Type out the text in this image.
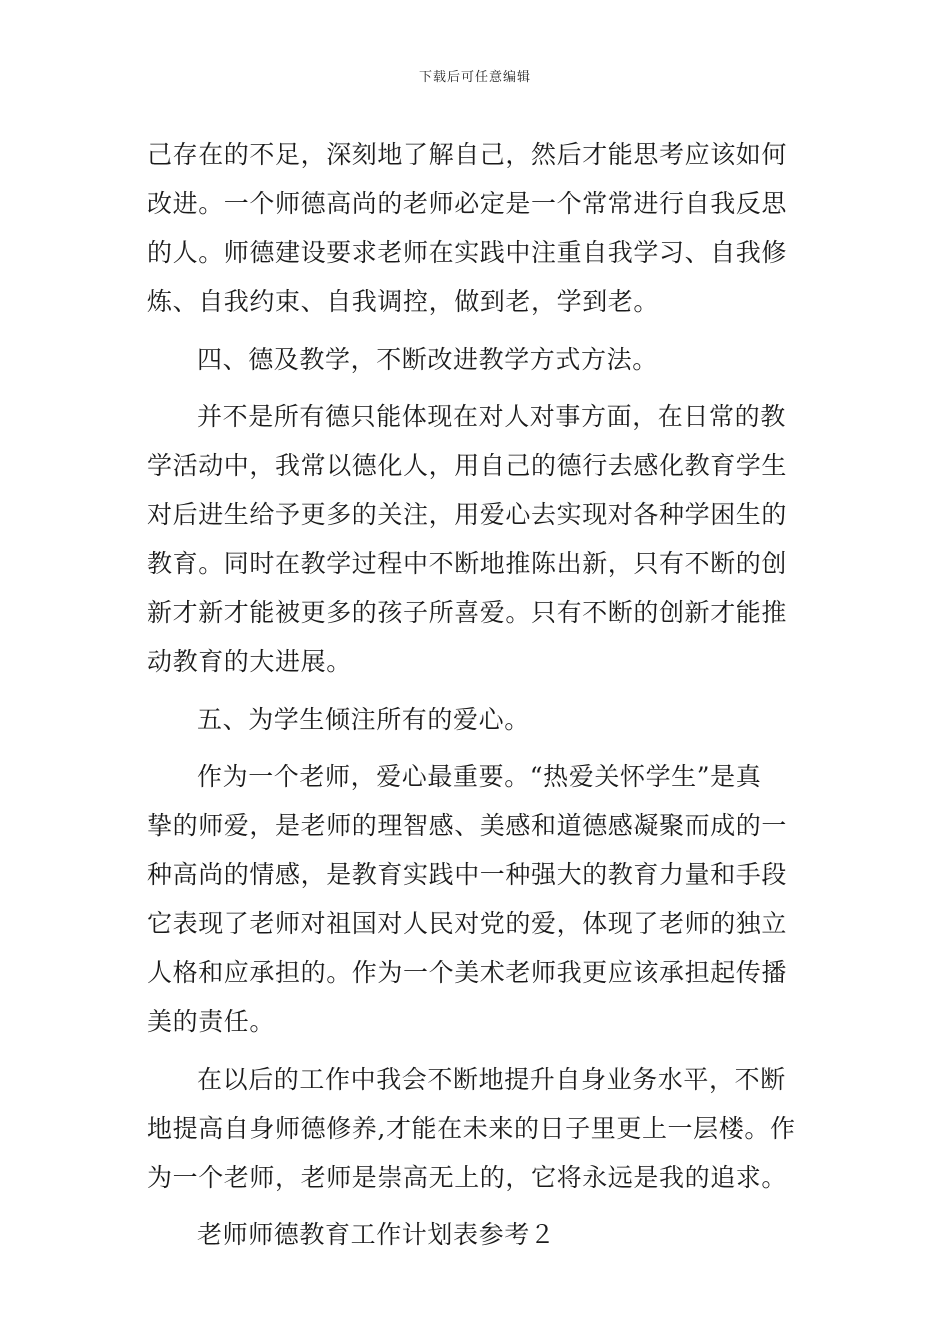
下载后可任意编辑
己存在的不足，深刻地了解自己，然后才能思考应该如何
改进。一个师德高尚的老师必定是一个常常进行自我反思
的人。师德建设要求老师在实践中注重自我学习、自我修
炼、自我约束、自我调控，做到老，学到老。
四、德及教学，不断改进教学方式方法。
并不是所有德只能体现在对人对事方面，在日常的教
学活动中，我常以德化人，用自己的德行去感化教育学生
对后进生给予更多的关注，用爱心去实现对各种学困生的
教育。同时在教学过程中不断地推陈出新，只有不断的创
新才新才能被更多的孩子所喜爱。只有不断的创新才能推
动教育的大进展。
五、为学生倾注所有的爱心。
作为一个老师，爱心最重要。“热爱关怀学生”是真
挚的师爱，是老师的理智感、美感和道德感凝聚而成的一
种高尚的情感，是教育实践中一种强大的教育力量和手段
它表现了老师对祖国对人民对党的爱，体现了老师的独立
人格和应承担的。作为一个美术老师我更应该承担起传播
美的责任。
在以后的工作中我会不断地提升自身业务水平，不断
地提高自身师德修养,才能在未来的日子里更上一层楼。作
为一个老师，老师是崇高无上的，它将永远是我的追求。
老师师德教育工作计划表参考２
